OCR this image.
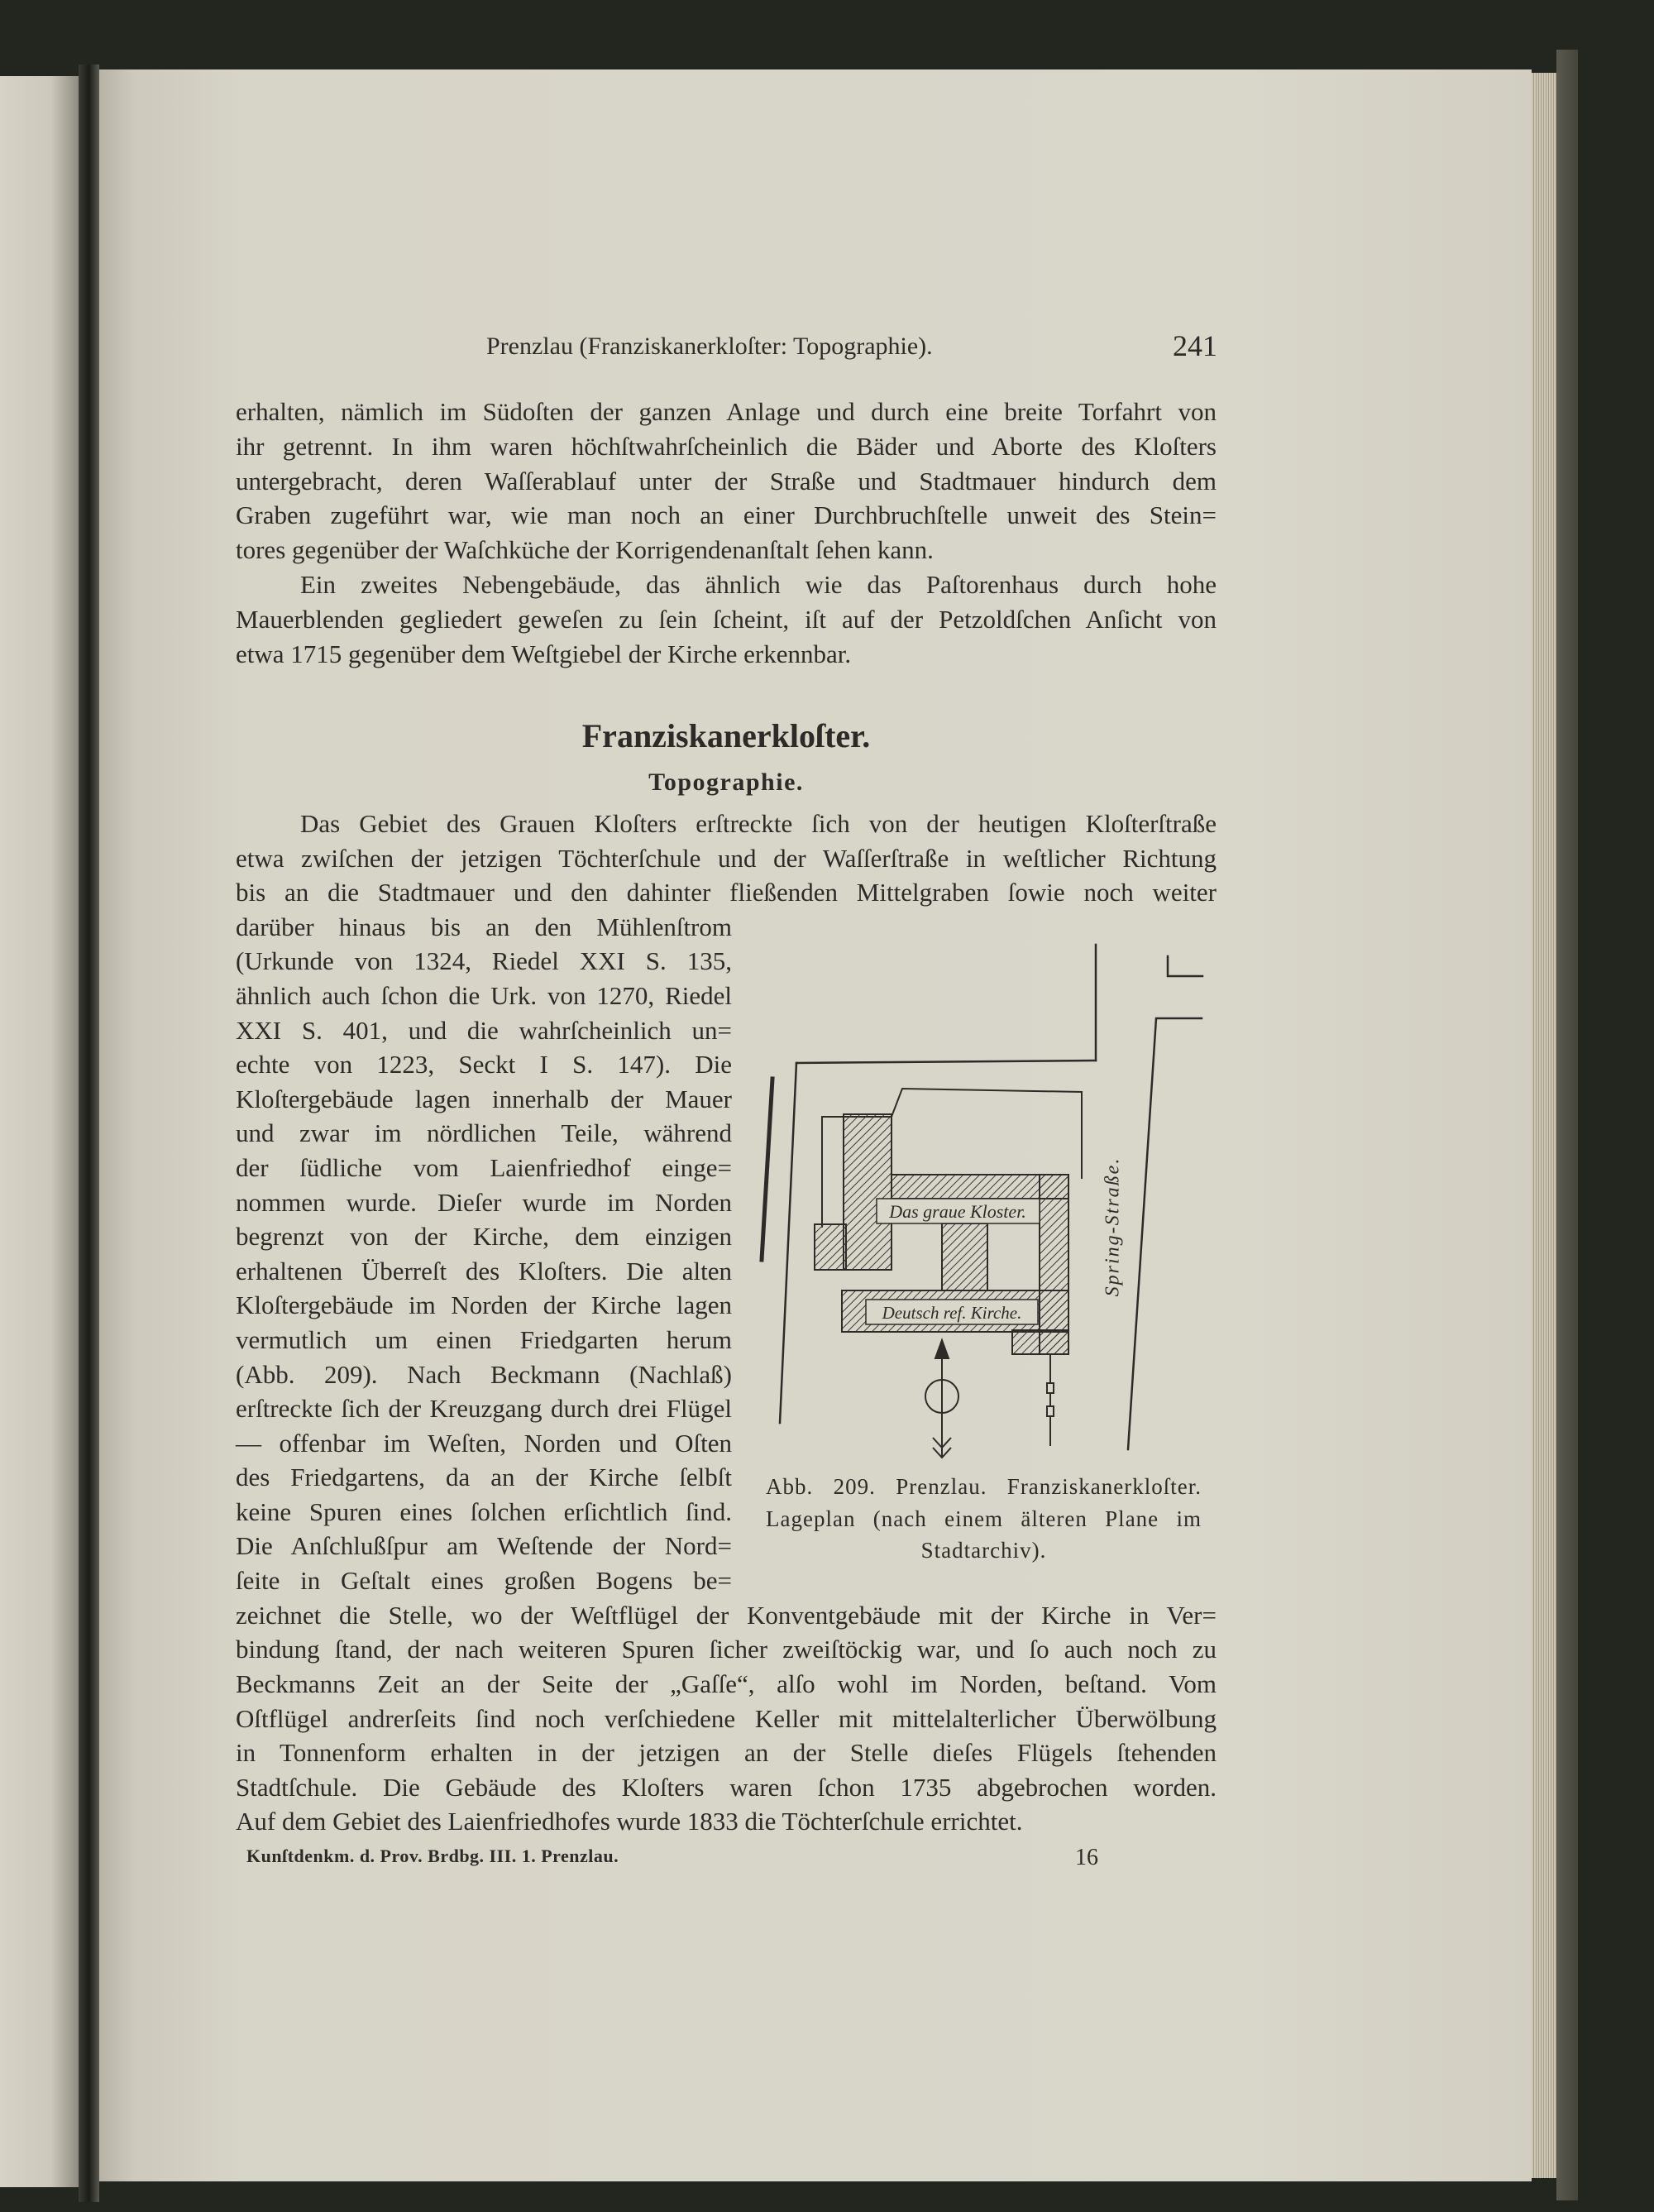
Prenzlau (Franziskanerkloſter: Topographie).	241
erhalten, nämlich im Südoſten der ganzen Anlage und durch eine breite Torfahrt von
ihr getrennt. In ihm waren höchſtwahrſcheinlich die Bäder und Aborte des Kloſters
untergebracht, deren Waſſerablauf unter der Straße und Stadtmauer hindurch dem
Graben zugeführt war, wie man noch an einer Durchbruchſtelle unweit des Stein=
tores gegenüber der Waſchküche der Korrigendenanſtalt ſehen kann.
Ein zweites Nebengebäude, das ähnlich wie das Paſtorenhaus durch hohe
Mauerblenden gegliedert geweſen zu ſein ſcheint, iſt auf der Petzoldſchen Anſicht von
etwa 1715 gegenüber dem Weſtgiebel der Kirche erkennbar.
Franziskanerkloſter.
Topographie.
Das Gebiet des Grauen Kloſters erſtreckte ſich von der heutigen Kloſterſtraße
etwa zwiſchen der jetzigen Töchterſchule und der Waſſerſtraße in weſtlicher Richtung
bis an die Stadtmauer und den dahinter fließenden Mittelgraben ſowie noch weiter
darüber hinaus bis an den Mühlenſtrom
(Urkunde von 1324, Riedel XXI S. 135,
ähnlich auch ſchon die Urk. von 1270, Riedel
XXI S. 401, und die wahrſcheinlich un=
echte von 1223, Seckt I S. 147). Die
Kloſtergebäude lagen innerhalb der Mauer
und zwar im nördlichen Teile, während
der ſüdliche vom Laienfriedhof einge=
nommen wurde. Dieſer wurde im Norden
begrenzt von der Kirche, dem einzigen
erhaltenen Überreſt des Kloſters. Die alten
Kloſtergebäude im Norden der Kirche lagen
vermutlich um einen Friedgarten herum
(Abb. 209). Nach Beckmann (Nachlaß)
erſtreckte ſich der Kreuzgang durch drei Flügel
— offenbar im Weſten, Norden und Oſten
des Friedgartens, da an der Kirche ſelbſt
keine Spuren eines ſolchen erſichtlich ſind.
Die Anſchlußſpur am Weſtende der Nord=
ſeite in Geſtalt eines großen Bogens be=
zeichnet die Stelle, wo der Weſtflügel der Konventgebäude mit der Kirche in Ver=
bindung ſtand, der nach weiteren Spuren ſicher zweiſtöckig war, und ſo auch noch zu
Beckmanns Zeit an der Seite der „Gaſſe“, alſo wohl im Norden, beſtand. Vom
Oſtflügel andrerſeits ſind noch verſchiedene Keller mit mittelalterlicher Überwölbung
in Tonnenform erhalten in der jetzigen an der Stelle dieſes Flügels ſtehenden
Stadtſchule. Die Gebäude des Kloſters waren ſchon 1735 abgebrochen worden.
Auf dem Gebiet des Laienfriedhofes wurde 1833 die Töchterſchule errichtet.
Das graue Kloster.
Deutsch ref. Kirche.
Spring-Straße.
Abb. 209. Prenzlau. Franziskanerkloſter.
Lageplan (nach einem älteren Plane im
Stadtarchiv).
Kunſtdenkm. d. Prov. Brdbg. III. 1. Prenzlau.	16
